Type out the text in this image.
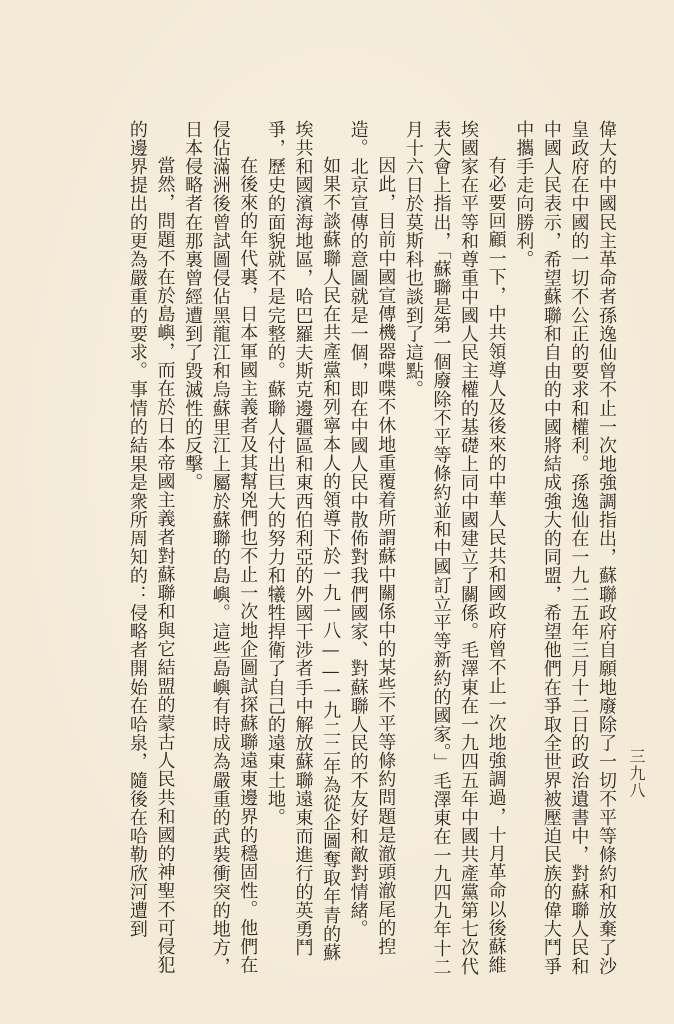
三九八

偉大的中國民主革命者孫逸仙曾不止一次地強調指出，蘇聯政府自願地廢除了一切不平等條約和放棄了沙皇政府在中國的一切不公正的要求和權利。孫逸仙在一九二五年三月十二日的政治遺書中，對蘇聯人民和中國人民表示，希望蘇聯和自由的中國將結成強大的同盟，希望他們在爭取全世界被壓迫民族的偉大鬥爭中攜手走向勝利。

有必要回顧一下，中共領導人及後來的中華人民共和國政府曾不止一次地強調過，十月革命以後蘇維埃國家在平等和尊重中國人民主權的基礎上同中國建立了關係。毛澤東在一九四五年中國共產黨第七次代表大會上指出，「蘇聯是第一個廢除不平等條約並和中國訂立平等新約的國家。」毛澤東在一九四九年十二月十六日於莫斯科也談到了這點。

因此，目前中國宣傳機器喋喋不休地重覆着所謂蘇中關係中的某些不平等條約問題是澈頭澈尾的揑造。北京宣傳的意圖就是一個，即在中國人民中散佈對我們國家、對蘇聯人民的不友好和敵對情緒。

如果不談蘇聯人民在共產黨和列寧本人的領導下於一九一八——一九二二年為從企圖奪取年青的蘇埃共和國濱海地區，哈巴羅夫斯克邊疆區和東西伯利亞的外國干涉者手中解放蘇聯遠東而進行的英勇鬥爭，歷史的面貌就不是完整的。蘇聯人付出巨大的努力和犧牲捍衛了自己的遠東土地。

在後來的年代裏，日本軍國主義者及其幫兇們也不止一次地企圖試探蘇聯遠東邊界的穩固性。他們在侵佔滿洲後曾試圖侵佔黑龍江和烏蘇里江上屬於蘇聯的島嶼。這些島嶼有時成為嚴重的武裝衝突的地方，日本侵略者在那裏曾經遭到了毀滅性的反擊。

當然，問題不在於島嶼，而在於日本帝國主義者對蘇聯和與它結盟的蒙古人民共和國的神聖不可侵犯的邊界提出的更為嚴重的要求。事情的結果是衆所周知的：侵略者開始在哈泉，隨後在哈勒欣河遭到
